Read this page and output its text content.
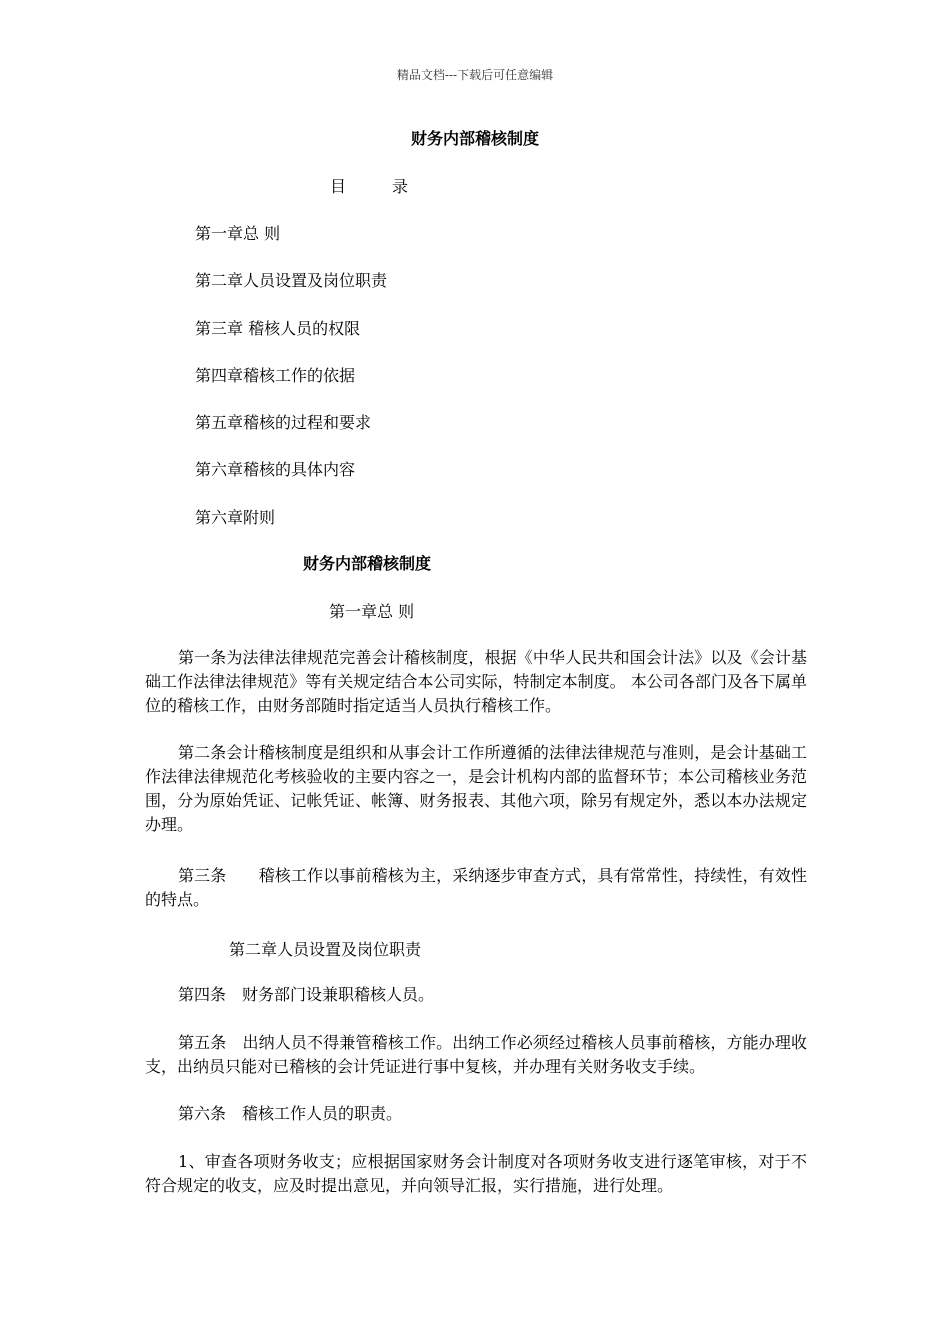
精品文档---下载后可任意编辑
财务内部稽核制度
目	录
第一章总 则
第二章人员设置及岗位职责
第三章 稽核人员的权限
第四章稽核工作的依据
第五章稽核的过程和要求
第六章稽核的具体内容
第六章附则
财务内部稽核制度
第一章总 则
第一条为法律法律规范完善会计稽核制度，根据《中华人民共和国会计法》以及《会计基础工作法律法律规范》等有关规定结合本公司实际，特制定本制度。 本公司各部门及各下属单位的稽核工作，由财务部随时指定适当人员执行稽核工作。
第二条会计稽核制度是组织和从事会计工作所遵循的法律法律规范与准则，是会计基础工作法律法律规范化考核验收的主要内容之一，是会计机构内部的监督环节；本公司稽核业务范围，分为原始凭证、记帐凭证、帐簿、财务报表、其他六项，除另有规定外，悉以本办法规定办理。
第三条　　稽核工作以事前稽核为主，采纳逐步审查方式，具有常常性，持续性，有效性的特点。
第二章人员设置及岗位职责
第四条　财务部门设兼职稽核人员。
第五条　出纳人员不得兼管稽核工作。出纳工作必须经过稽核人员事前稽核，方能办理收支，出纳员只能对已稽核的会计凭证进行事中复核，并办理有关财务收支手续。
第六条　稽核工作人员的职责。
1、审查各项财务收支；应根据国家财务会计制度对各项财务收支进行逐笔审核，对于不符合规定的收支，应及时提出意见，并向领导汇报，实行措施，进行处理。
